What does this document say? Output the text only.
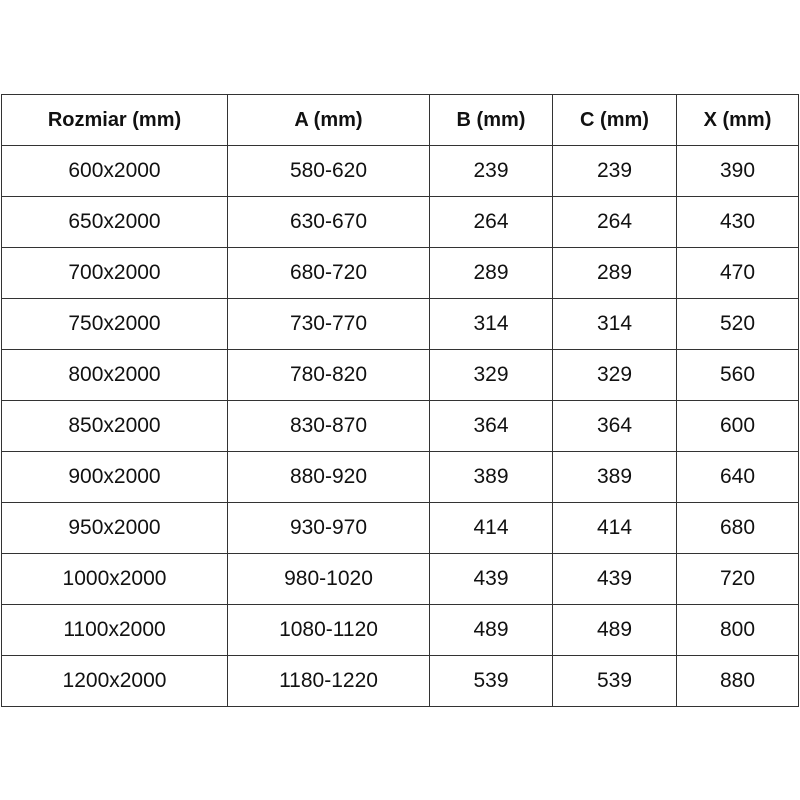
Rozmiar (mm)	A (mm)	B (mm)	C (mm)	X (mm)
600x2000	580-620	239	239	390
650x2000	630-670	264	264	430
700x2000	680-720	289	289	470
750x2000	730-770	314	314	520
800x2000	780-820	329	329	560
850x2000	830-870	364	364	600
900x2000	880-920	389	389	640
950x2000	930-970	414	414	680
1000x2000	980-1020	439	439	720
1100x2000	1080-1120	489	489	800
1200x2000	1180-1220	539	539	880
